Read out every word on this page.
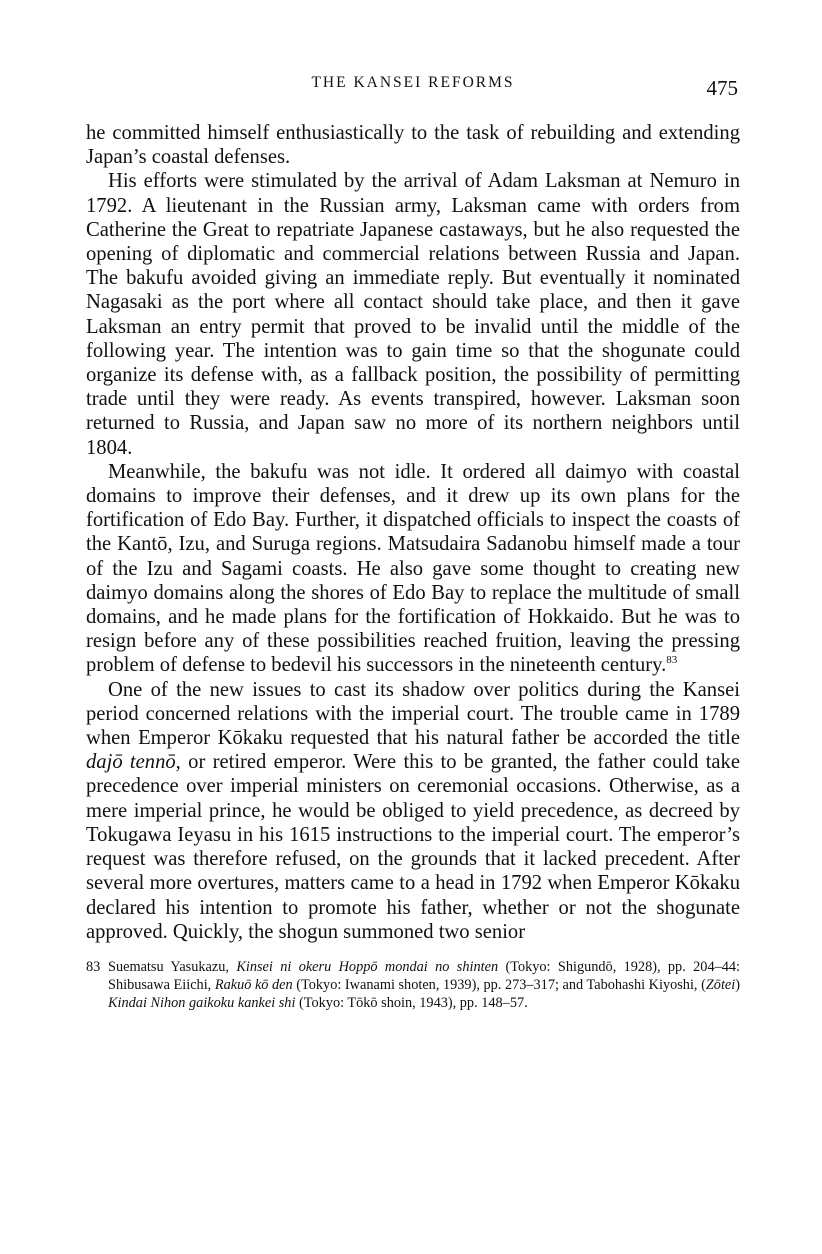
THE KANSEI REFORMS	475

he committed himself enthusiastically to the task of rebuilding and extending Japan’s coastal defenses.

His efforts were stimulated by the arrival of Adam Laksman at Nemuro in 1792. A lieutenant in the Russian army, Laksman came with orders from Catherine the Great to repatriate Japanese castaways, but he also requested the opening of diplomatic and commercial relations between Russia and Japan. The bakufu avoided giving an immediate reply. But eventually it nominated Nagasaki as the port where all contact should take place, and then it gave Laksman an entry permit that proved to be invalid until the middle of the following year. The intention was to gain time so that the shogunate could organize its defense with, as a fallback position, the possibility of permitting trade until they were ready. As events transpired, however. Laksman soon returned to Russia, and Japan saw no more of its northern neighbors until 1804.

Meanwhile, the bakufu was not idle. It ordered all daimyo with coastal domains to improve their defenses, and it drew up its own plans for the fortification of Edo Bay. Further, it dispatched officials to inspect the coasts of the Kantō, Izu, and Suruga regions. Matsudaira Sadanobu himself made a tour of the Izu and Sagami coasts. He also gave some thought to creating new daimyo domains along the shores of Edo Bay to replace the multitude of small domains, and he made plans for the fortification of Hokkaido. But he was to resign before any of these possibilities reached fruition, leaving the pressing problem of defense to bedevil his successors in the nineteenth century.$^{83}$

One of the new issues to cast its shadow over politics during the Kansei period concerned relations with the imperial court. The trouble came in 1789 when Emperor Kōkaku requested that his natural father be accorded the title dajō tennō, or retired emperor. Were this to be granted, the father could take precedence over imperial ministers on ceremonial occasions. Otherwise, as a mere imperial prince, he would be obliged to yield precedence, as decreed by Tokugawa Ieyasu in his 1615 instructions to the imperial court. The emperor’s request was therefore refused, on the grounds that it lacked precedent. After several more overtures, matters came to a head in 1792 when Emperor Kōkaku declared his intention to promote his father, whether or not the shogunate approved. Quickly, the shogun summoned two senior

83 Suematsu Yasukazu, Kinsei ni okeru Hoppō mondai no shinten (Tokyo: Shigundō, 1928), pp. 204–44: Shibusawa Eiichi, Rakuō kō den (Tokyo: Iwanami shoten, 1939), pp. 273–317; and Tabohashi Kiyoshi, (Zōtei) Kindai Nihon gaikoku kankei shi (Tokyo: Tōkō shoin, 1943), pp. 148–57.
